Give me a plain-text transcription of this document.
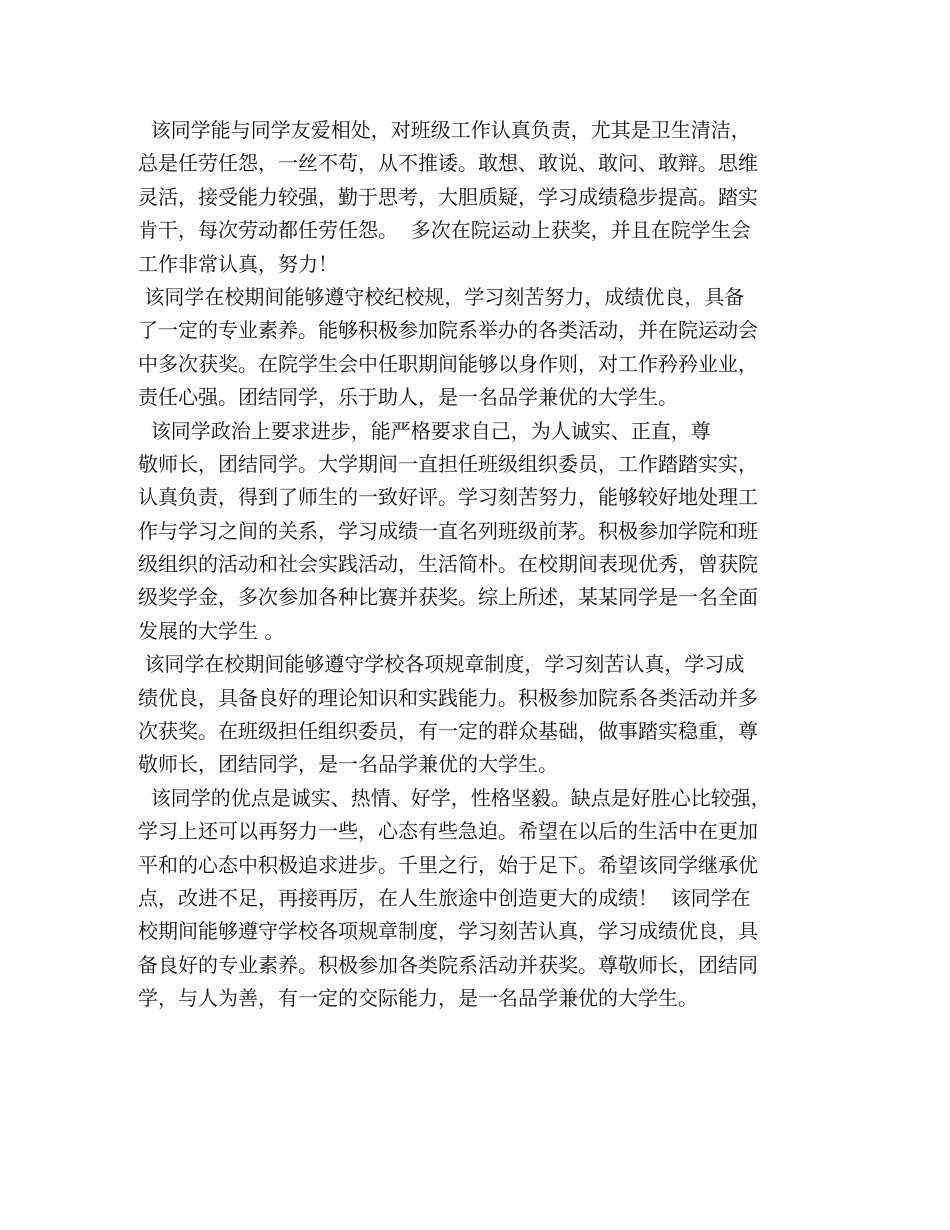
该同学能与同学友爱相处，对班级工作认真负责，尤其是卫生清洁，
总是任劳任怨，一丝不苟，从不推诿。敢想、敢说、敢问、敢辩。思维
灵活，接受能力较强，勤于思考，大胆质疑，学习成绩稳步提高。踏实
肯干，每次劳动都任劳任怨。  多次在院运动上获奖，并且在院学生会
工作非常认真，努力！
该同学在校期间能够遵守校纪校规，学习刻苦努力，成绩优良，具备
了一定的专业素养。能够积极参加院系举办的各类活动，并在院运动会
中多次获奖。在院学生会中任职期间能够以身作则，对工作矜矜业业，
责任心强。团结同学，乐于助人，是一名品学兼优的大学生。
该同学政治上要求进步，能严格要求自己，为人诚实、正直，尊
敬师长，团结同学。大学期间一直担任班级组织委员，工作踏踏实实，
认真负责，得到了师生的一致好评。学习刻苦努力，能够较好地处理工
作与学习之间的关系，学习成绩一直名列班级前茅。积极参加学院和班
级组织的活动和社会实践活动，生活简朴。在校期间表现优秀，曾获院
级奖学金，多次参加各种比赛并获奖。综上所述，某某同学是一名全面
发展的大学生 。
该同学在校期间能够遵守学校各项规章制度，学习刻苦认真，学习成
绩优良，具备良好的理论知识和实践能力。积极参加院系各类活动并多
次获奖。在班级担任组织委员，有一定的群众基础，做事踏实稳重，尊
敬师长，团结同学，是一名品学兼优的大学生。
该同学的优点是诚实、热情、好学，性格坚毅。缺点是好胜心比较强，
学习上还可以再努力一些，心态有些急迫。希望在以后的生活中在更加
平和的心态中积极追求进步。千里之行，始于足下。希望该同学继承优
点，改进不足，再接再厉，在人生旅途中创造更大的成绩！  该同学在
校期间能够遵守学校各项规章制度，学习刻苦认真，学习成绩优良，具
备良好的专业素养。积极参加各类院系活动并获奖。尊敬师长，团结同
学，与人为善，有一定的交际能力，是一名品学兼优的大学生。
